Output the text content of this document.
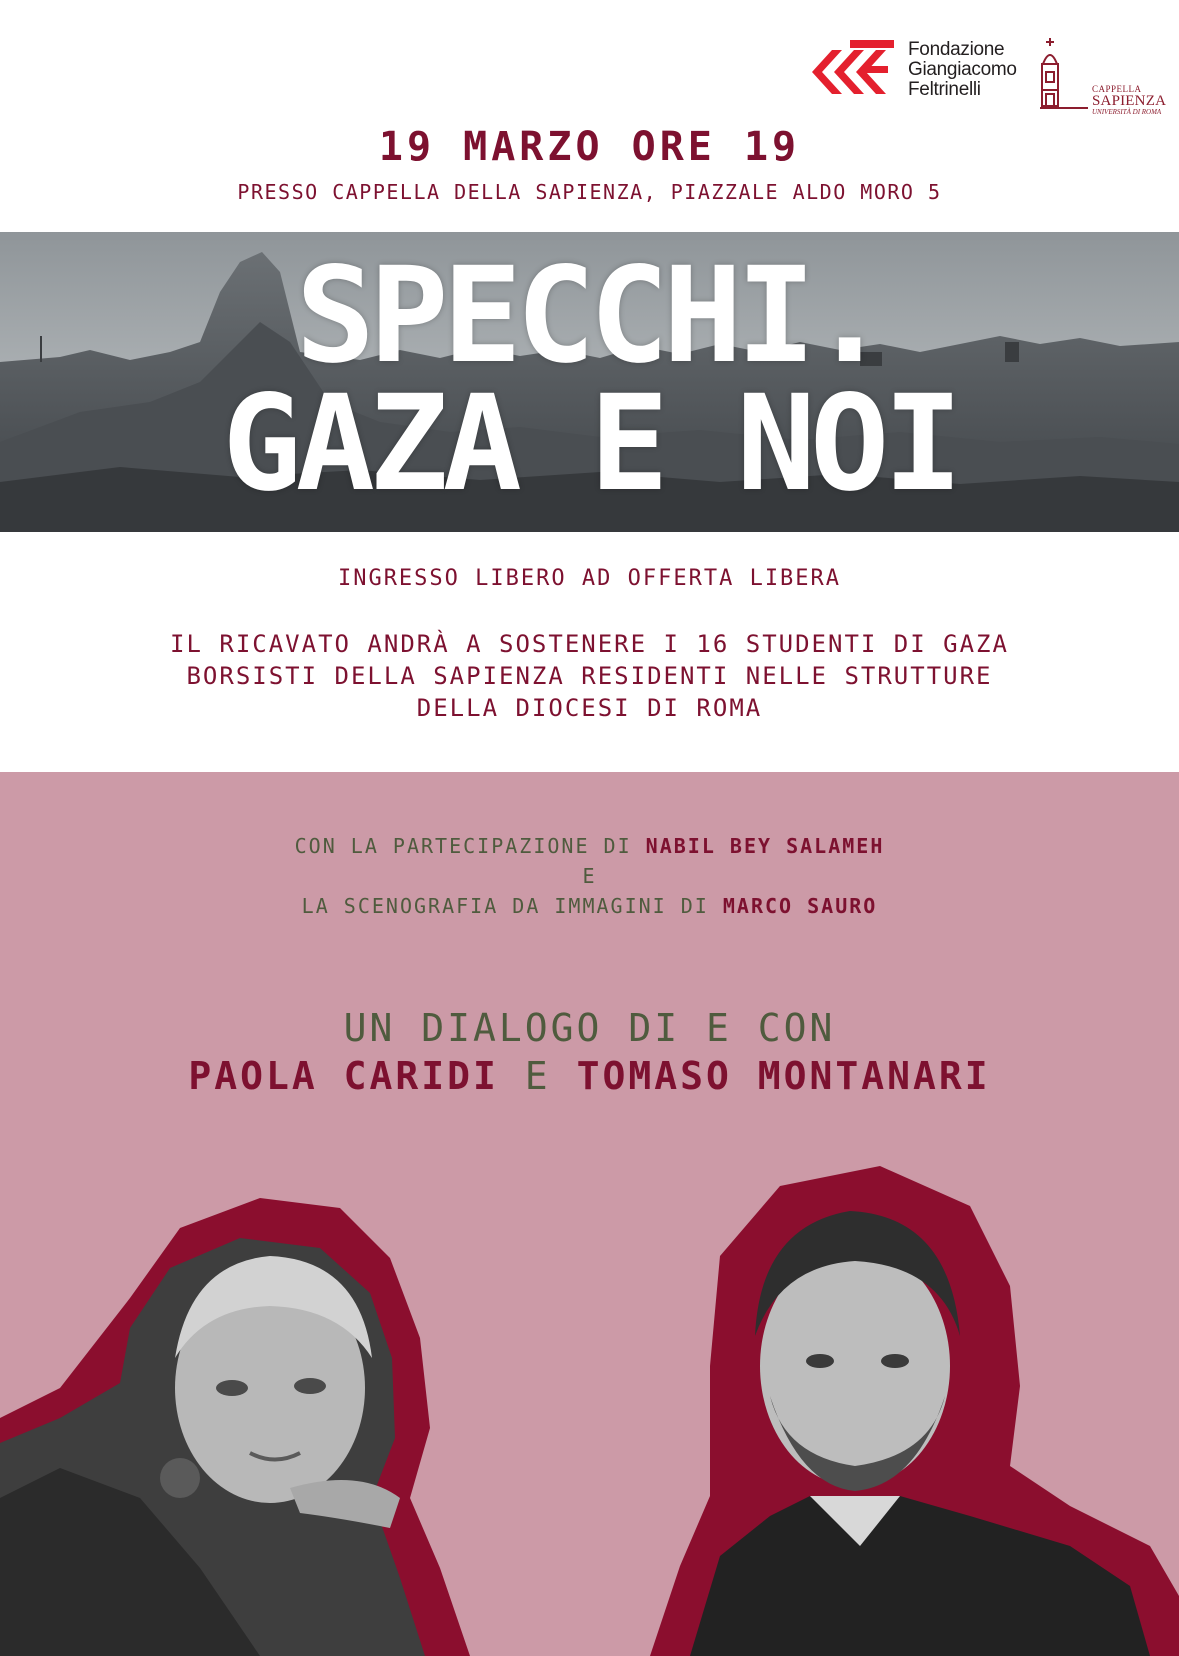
Fondazione
Giangiacomo
Feltrinelli	CAPPELLA
SAPIENZA
UNIVERSITÀ DI ROMA
19 MARZO ORE 19
PRESSO CAPPELLA DELLA SAPIENZA, PIAZZALE ALDO MORO 5
SPECCHI.
GAZA E NOI
INGRESSO LIBERO AD OFFERTA LIBERA
IL RICAVATO ANDRÀ A SOSTENERE I 16 STUDENTI DI GAZA
BORSISTI DELLA SAPIENZA RESIDENTI NELLE STRUTTURE
DELLA DIOCESI DI ROMA
CON LA PARTECIPAZIONE DI NABIL BEY SALAMEH
E
LA SCENOGRAFIA DA IMMAGINI DI MARCO SAURO
UN DIALOGO DI E CON
PAOLA CARIDI E TOMASO MONTANARI
